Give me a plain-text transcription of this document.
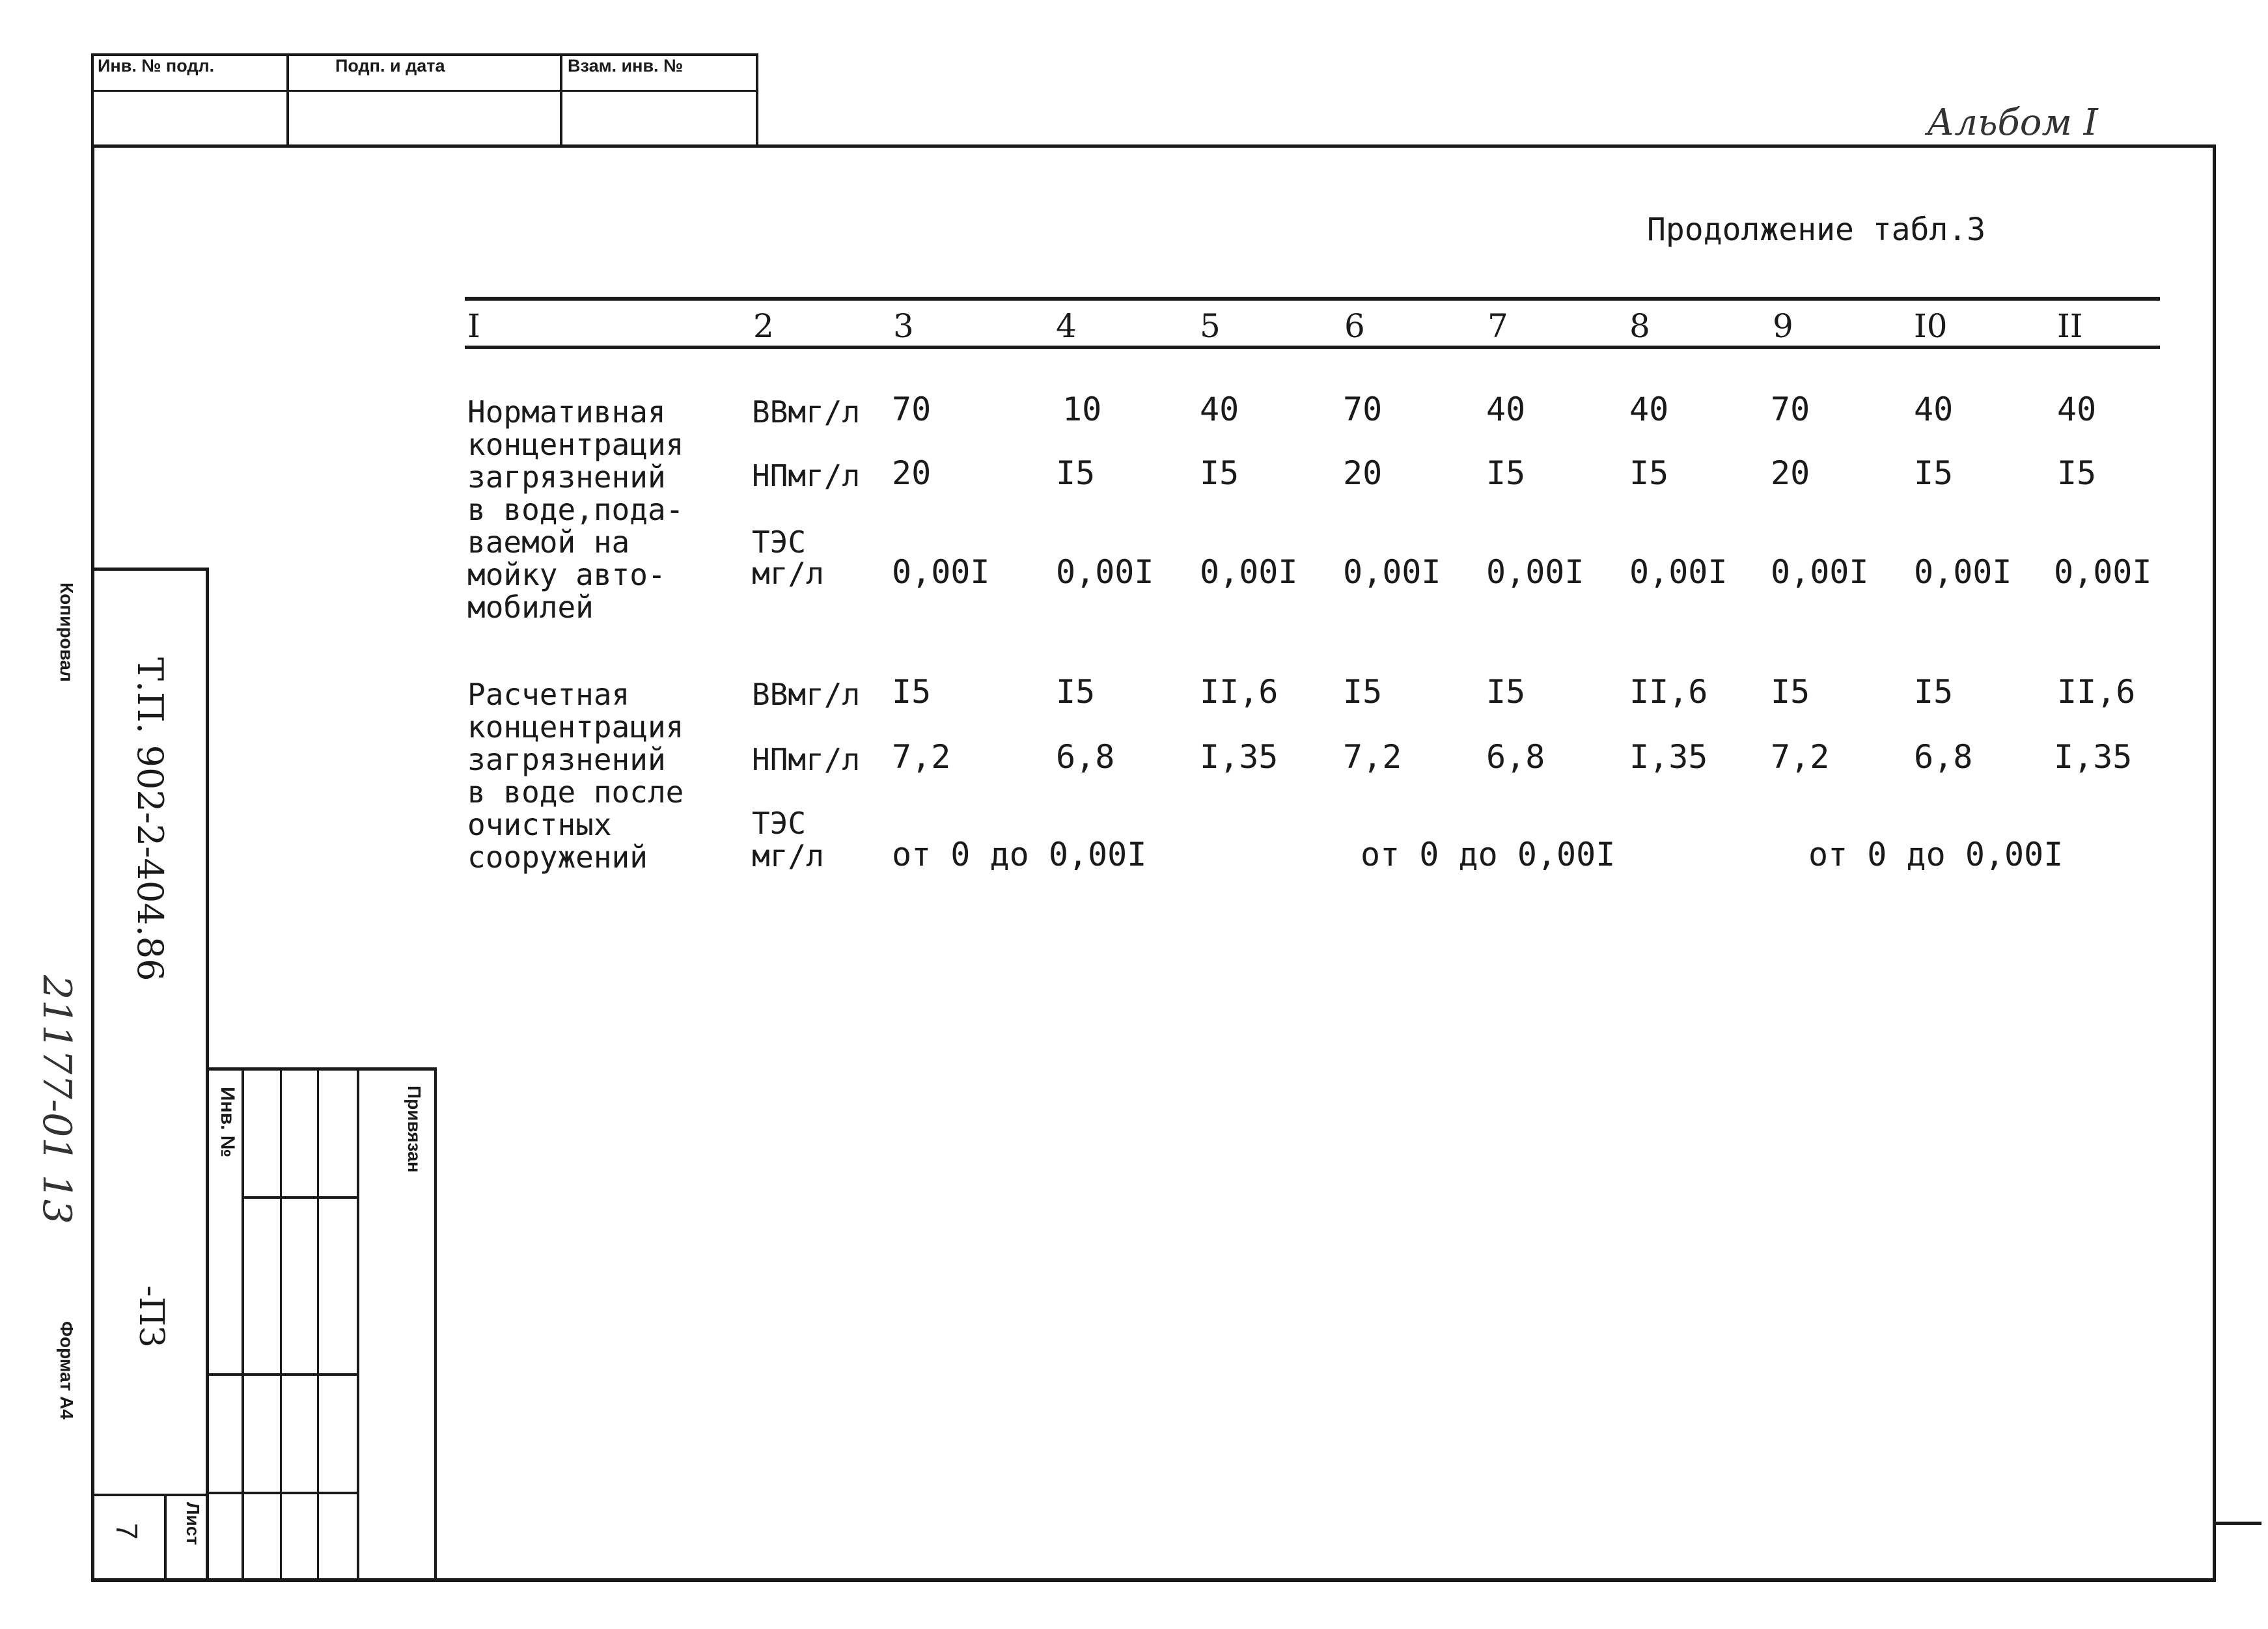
Инв. № подл.	Подп. и дата	Взам. инв. №
Альбом I
Продолжение табл.3
I	2	3	4	5	6	7	8	9	I0	II
Нормативная
концентрация
загрязнений
в воде,пода-
ваемой на
мойку авто-
мобилей
ВВмг/л 70	10	40	70	40	40	70	40	40
НПмг/л 20	I5	I5	20	I5	I5	20	I5	I5
ТЭС
мг/л 0,00I 0,00I 0,00I 0,00I 0,00I 0,00I 0,00I 0,00I 0,00I
Расчетная
концентрация
загрязнений
в воде после
очистных
сооружений
ВВмг/л I5	I5	II,6 I5	I5	II,6 I5	I5	II,6
НПмг/л 7,2	6,8	I,35 7,2	6,8	I,35 7,2	6,8 I,35
ТЭС
мг/л от 0 до 0,00I	от 0 до 0,00I	от 0 до 0,00I
Т.П. 902-2-404.86
-ПЗ
Лист
7
Инв. №	Привязан
Копировал
Формат А4
21177-01 13
